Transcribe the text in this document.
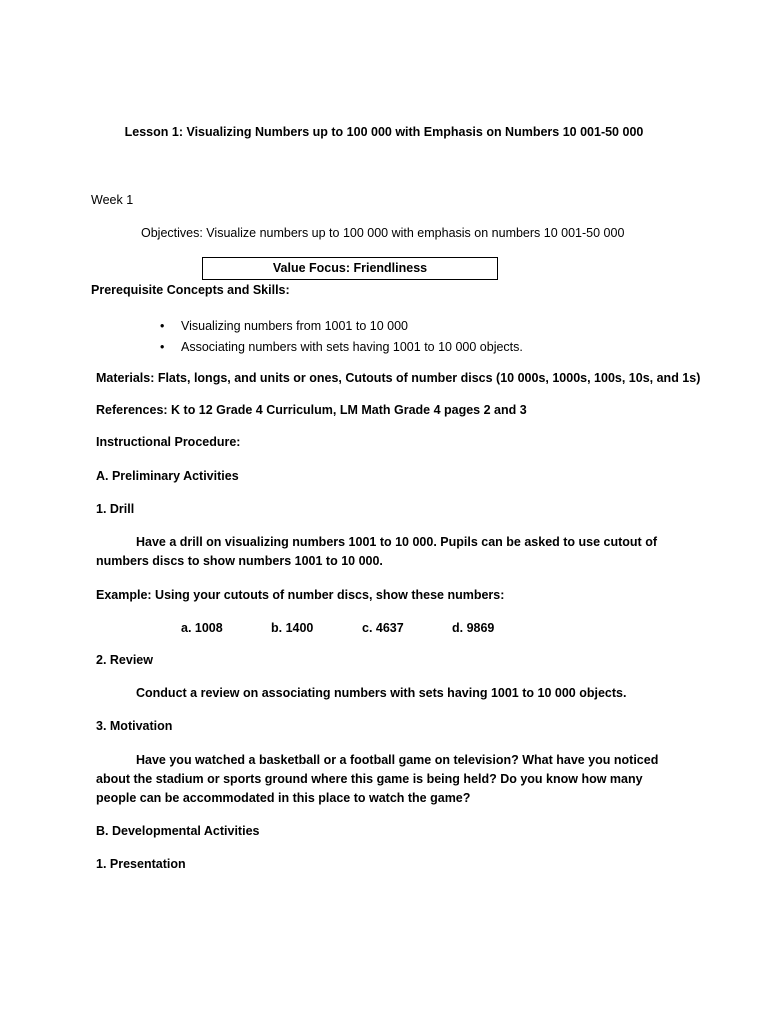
Lesson 1: Visualizing Numbers up to 100 000 with Emphasis on Numbers 10 001-50 000
Week 1
Objectives: Visualize numbers up to 100 000 with emphasis on numbers 10 001-50 000
Value Focus: Friendliness
Prerequisite Concepts and Skills:
• Visualizing numbers from 1001 to 10 000
• Associating numbers with sets having 1001 to 10 000 objects.
Materials: Flats, longs, and units or ones, Cutouts of number discs (10 000s, 1000s, 100s, 10s, and 1s)
References: K to 12 Grade 4 Curriculum, LM Math Grade 4 pages 2 and 3
Instructional Procedure:
A. Preliminary Activities
1. Drill
Have a drill on visualizing numbers 1001 to 10 000. Pupils can be asked to use cutout of numbers discs to show numbers 1001 to 10 000.
Example: Using your cutouts of number discs, show these numbers:
a. 1008	b. 1400	c. 4637	d. 9869
2. Review
Conduct a review on associating numbers with sets having 1001 to 10 000 objects.
3. Motivation
Have you watched a basketball or a football game on television? What have you noticed about the stadium or sports ground where this game is being held? Do you know how many people can be accommodated in this place to watch the game?
B. Developmental Activities
1. Presentation
